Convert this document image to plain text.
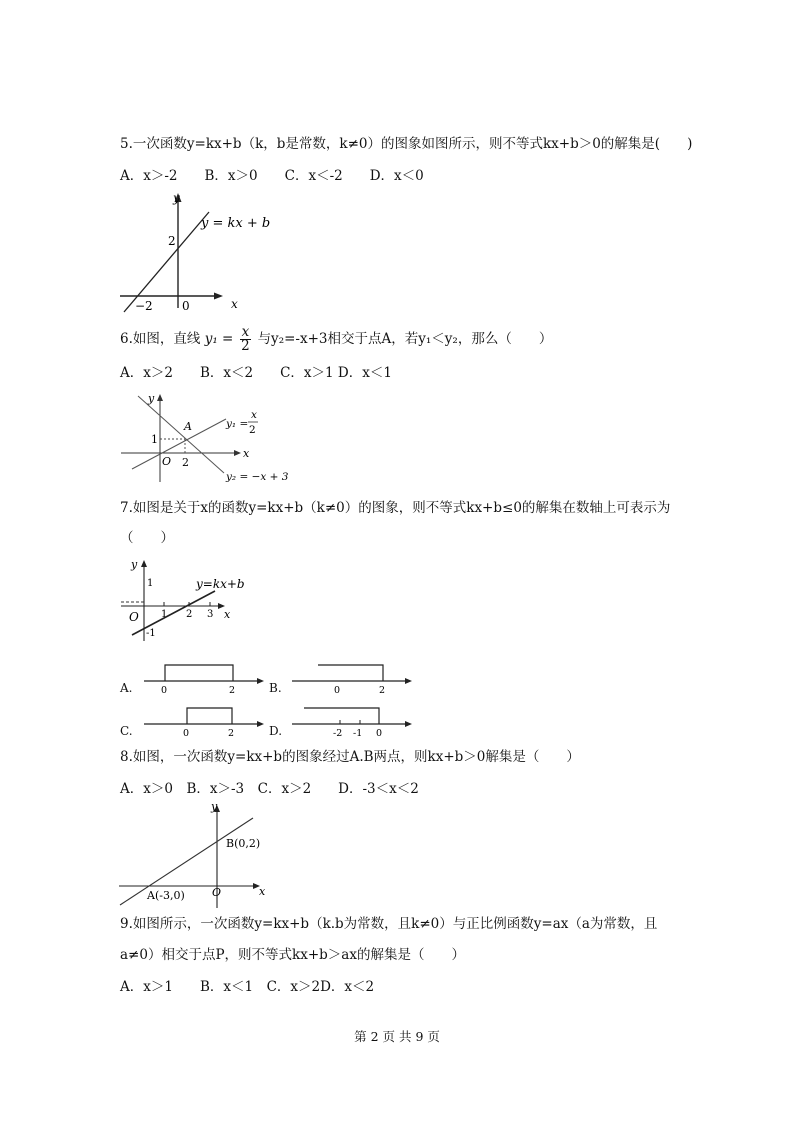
5.一次函数y=kx+b（k，b是常数，k≠0）的图象如图所示，则不等式kx+b＞0的解集是(　　)
A．x＞-2　　B．x＞0　　C．x＜-2　　D．x＜0
y
x
y = kx + b
2
−2 0
6.如图，直线 $y_1 = \frac{x}{2}$ 与y₂=-x+3相交于点A，若y₁＜y₂，那么（　　）
A．x＞2　　B．x＜2　　C．x＞1 D．x＜1
y
x
A
1
2
O
y₁ =
x
2
y₂ = −x + 3
7.如图是关于x的函数y=kx+b（k≠0）的图象，则不等式kx+b≤0的解集在数轴上可表示为
（　　）
y
x
O
1
-1
1 2 3
y=kx+b
A.	0	2	B.	0	2
C.	0	2	D.	-2 -1 0
8.如图，一次函数y=kx+b的图象经过A.B两点，则kx+b＞0解集是（　　）
A．x＞0　B．x＞-3　C．x＞2　　D．-3＜x＜2
y
x
O
A(-3,0)
B(0,2)
9.如图所示，一次函数y=kx+b（k.b为常数，且k≠0）与正比例函数y=ax（a为常数，且
a≠0）相交于点P，则不等式kx+b＞ax的解集是（　　）
A．x＞1　　B．x＜1　C．x＞2D．x＜2
第 2 页 共 9 页
